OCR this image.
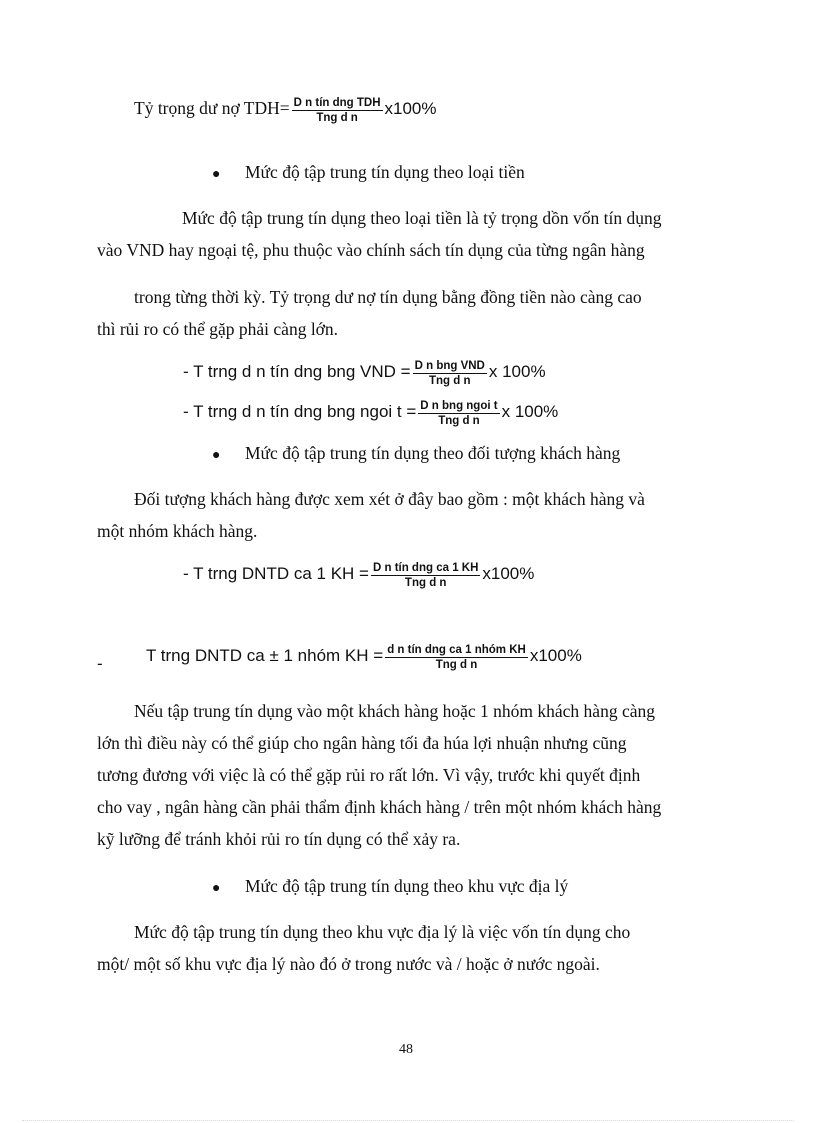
Tỷ trọng dư nợ $TDH= \frac{\text{D n tín dng TDH}}{\text{Tng d n}} x100\%$
● Mức độ tập trung tín dụng theo loại tiền
Mức độ tập trung tín dụng theo loại tiền là tỷ trọng dồn vốn tín dụng
vào VND hay ngoại tệ, phu thuộc vào chính sách tín dụng của từng ngân hàng
trong từng thời kỳ. Tỷ trọng dư nợ tín dụng bằng đồng tiền nào càng cao
thì rủi ro có thể gặp phải càng lớn.
- T trng d n tín dng bng VND = $\frac{\text{D n bng VND}}{\text{Tng d n}}$ x 100%
- T trng d n tín dng bng ngoi $t = \frac{\text{D n bng ngoi t}}{\text{Tng d n}}$ x 100%
● Mức độ tập trung tín dụng theo đối tượng khách hàng
Đối tượng khách hàng được xem xét ở đây bao gồm : một khách hàng và
một nhóm khách hàng.
- T trng DNTD ca 1 KH = $\frac{\text{D n tín dng ca 1 KH}}{\text{Tng d n}} x100\%$
-	T trng DNTD ca ± 1 nhóm KH = $\frac{\text{d n tín dng ca 1 nhóm KH}}{\text{Tng d n}} x100\%$
Nếu tập trung tín dụng vào một khách hàng hoặc 1 nhóm khách hàng càng
lớn thì điều này có thể giúp cho ngân hàng tối đa húa lợi nhuận nhưng cũng
tương đương với việc là có thể gặp rủi ro rất lớn. Vì vậy, trước khi quyết định
cho vay , ngân hàng cần phải thẩm định khách hàng / trên một nhóm khách hàng
kỹ lưỡng để tránh khỏi rủi ro tín dụng có thể xảy ra.
● Mức độ tập trung tín dụng theo khu vực địa lý
Mức độ tập trung tín dụng theo khu vực địa lý là việc vốn tín dụng cho
một/ một số khu vực địa lý nào đó ở trong nước và / hoặc ở nước ngoài.
48
